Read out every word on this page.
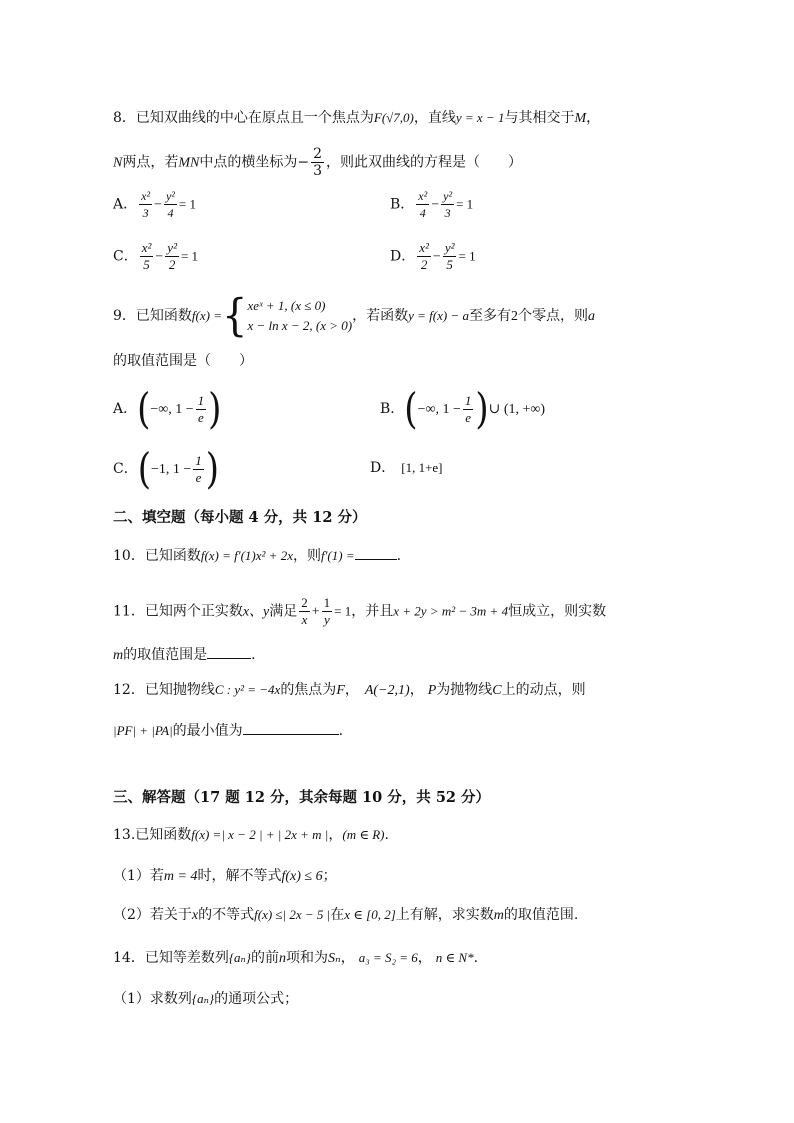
8．已知双曲线的中心在原点且一个焦点为F(√7,0)，直线y = x − 1与其相交于M，
N两点，若MN中点的横坐标为− $\frac{2}{3}$ ，则此双曲线的方程是（　　）
A． $\frac{\text{x²}}{3} - \frac{\text{y²}}{4} = 1$	B． $\frac{\text{x²}}{4} - \frac{\text{y²}}{3} = 1$
C． $\frac{\text{x²}}{5} - \frac{\text{y²}}{2} = 1$	D． $\frac{\text{x²}}{2} - \frac{\text{y²}}{5} = 1$
9．已知函数f(x) ={ xeˣ + 1, (x ≤ 0)
x − ln x − 2, (x > 0)
，若函数y = f(x) − a至多有2个零点，则a
的取值范围是（　　）
A．(−∞, $1 - \frac{1}{e}$ )	B．(−∞, $1 - \frac{1}{e}$ )∪ (1, +∞)
C．(−1, $1 - \frac{1}{e}$ )	D． [1, 1+e]
二、填空题（每小题 4 分，共 12 分）
10．已知函数f(x) = f′(1)x² + 2x，则f′(1) =	.
11．已知两个正实数x、y满足 $\frac{2}{x} + \frac{1}{y} = 1$，并且x + 2y > m² − 3m + 4恒成立，则实数
m的取值范围是	.
12．已知抛物线C : y² = −4x的焦点为F， A(−2,1)， P为抛物线C上的动点，则
|PF| + |PA|的最小值为	.
三、解答题（17 题 12 分，其余每题 10 分，共 52 分）
13.已知函数f(x) =| x − 2 | + | 2x + m |，(m ∈ R).
（1）若m = 4时，解不等式f(x) ≤ 6；
（2）若关于x的不等式f(x) ≤| 2x − 5 |在x ∈ [0, 2]上有解，求实数m的取值范围.
14．已知等差数列{aₙ}的前n项和为Sₙ， a₃ = S₂ = 6， n ∈ N*.
（1）求数列{aₙ}的通项公式；
